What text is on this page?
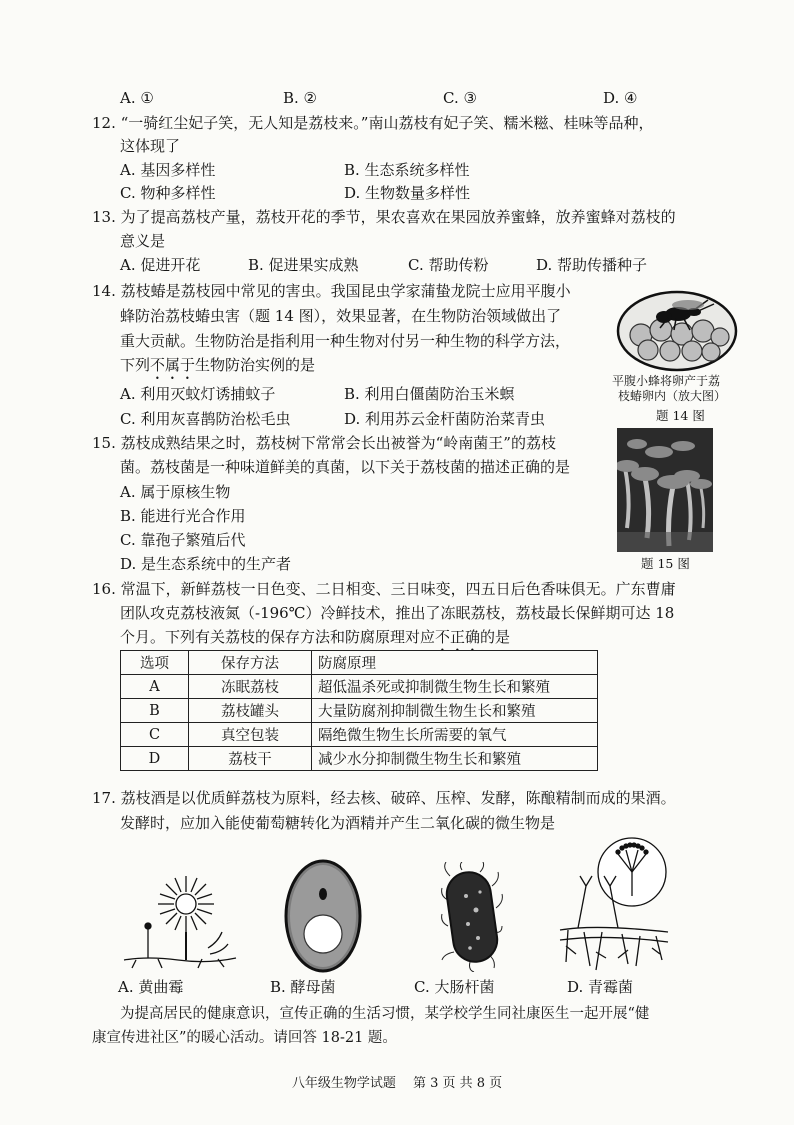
A. ①	B. ②	C. ③	D. ④
12. “一骑红尘妃子笑，无人知是荔枝来。”南山荔枝有妃子笑、糯米糍、桂味等品种，
这体现了
A. 基因多样性	B. 生态系统多样性
C. 物种多样性	D. 生物数量多样性
13. 为了提高荔枝产量，荔枝开花的季节，果农喜欢在果园放养蜜蜂，放养蜜蜂对荔枝的
意义是
A. 促进开花	B. 促进果实成熟	C. 帮助传粉	D. 帮助传播种子
14. 荔枝蝽是荔枝园中常见的害虫。我国昆虫学家蒲蛰龙院士应用平腹小
蜂防治荔枝蝽虫害（题 14 图），效果显著，在生物防治领域做出了
重大贡献。生物防治是指利用一种生物对付另一种生物的科学方法，
下列不属于生物防治实例的是
A. 利用灭蚊灯诱捕蚊子	B. 利用白僵菌防治玉米螟
C. 利用灰喜鹊防治松毛虫	D. 利用苏云金杆菌防治菜青虫
平腹小蜂将卵产于荔
枝蝽卵内（放大图）
题 14 图
15. 荔枝成熟结果之时，荔枝树下常常会长出被誉为“岭南菌王”的荔枝
菌。荔枝菌是一种味道鲜美的真菌，以下关于荔枝菌的描述正确的是
A. 属于原核生物
B. 能进行光合作用
C. 靠孢子繁殖后代
D. 是生态系统中的生产者	题 15 图
16. 常温下，新鲜荔枝一日色变、二日相变、三日味变，四五日后色香味俱无。广东曹庸
团队攻克荔枝液氮（-196℃）冷鲜技术，推出了冻眠荔枝，荔枝最长保鲜期可达 18
个月。下列有关荔枝的保存方法和防腐原理对应不正确的是
选项	保存方法	防腐原理
A	冻眠荔枝	超低温杀死或抑制微生物生长和繁殖
B	荔枝罐头	大量防腐剂抑制微生物生长和繁殖
C	真空包装	隔绝微生物生长所需要的氧气
D	荔枝干	减少水分抑制微生物生长和繁殖
17. 荔枝酒是以优质鲜荔枝为原料，经去核、破碎、压榨、发酵，陈酿精制而成的果酒。
发酵时，应加入能使葡萄糖转化为酒精并产生二氧化碳的微生物是
A. 黄曲霉	B. 酵母菌	C. 大肠杆菌	D. 青霉菌
为提高居民的健康意识，宣传正确的生活习惯，某学校学生同社康医生一起开展“健
康宣传进社区”的暖心活动。请回答 18-21 题。
八年级生物学试题　 第 3 页 共 8 页
